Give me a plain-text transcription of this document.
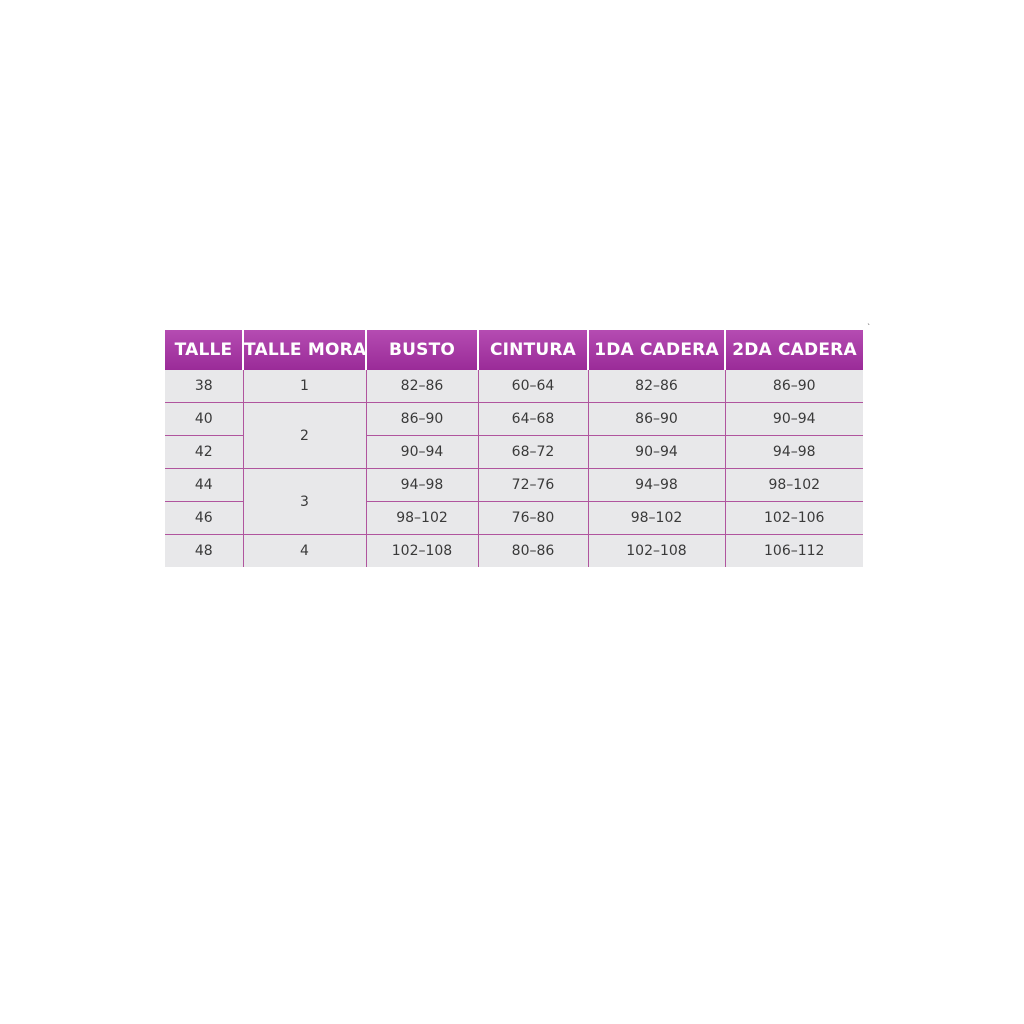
TALLE	TALLE MORA	BUSTO	CINTURA	1DA CADERA	2DA CADERA
38	1	82–86	60–64	82–86	86–90
40	2	86–90	64–68	86–90	90–94
42		90–94	68–72	90–94	94–98
44	3	94–98	72–76	94–98	98–102
46		98–102	76–80	98–102	102–106
48	4	102–108	80–86	102–108	106–112
ˋ
